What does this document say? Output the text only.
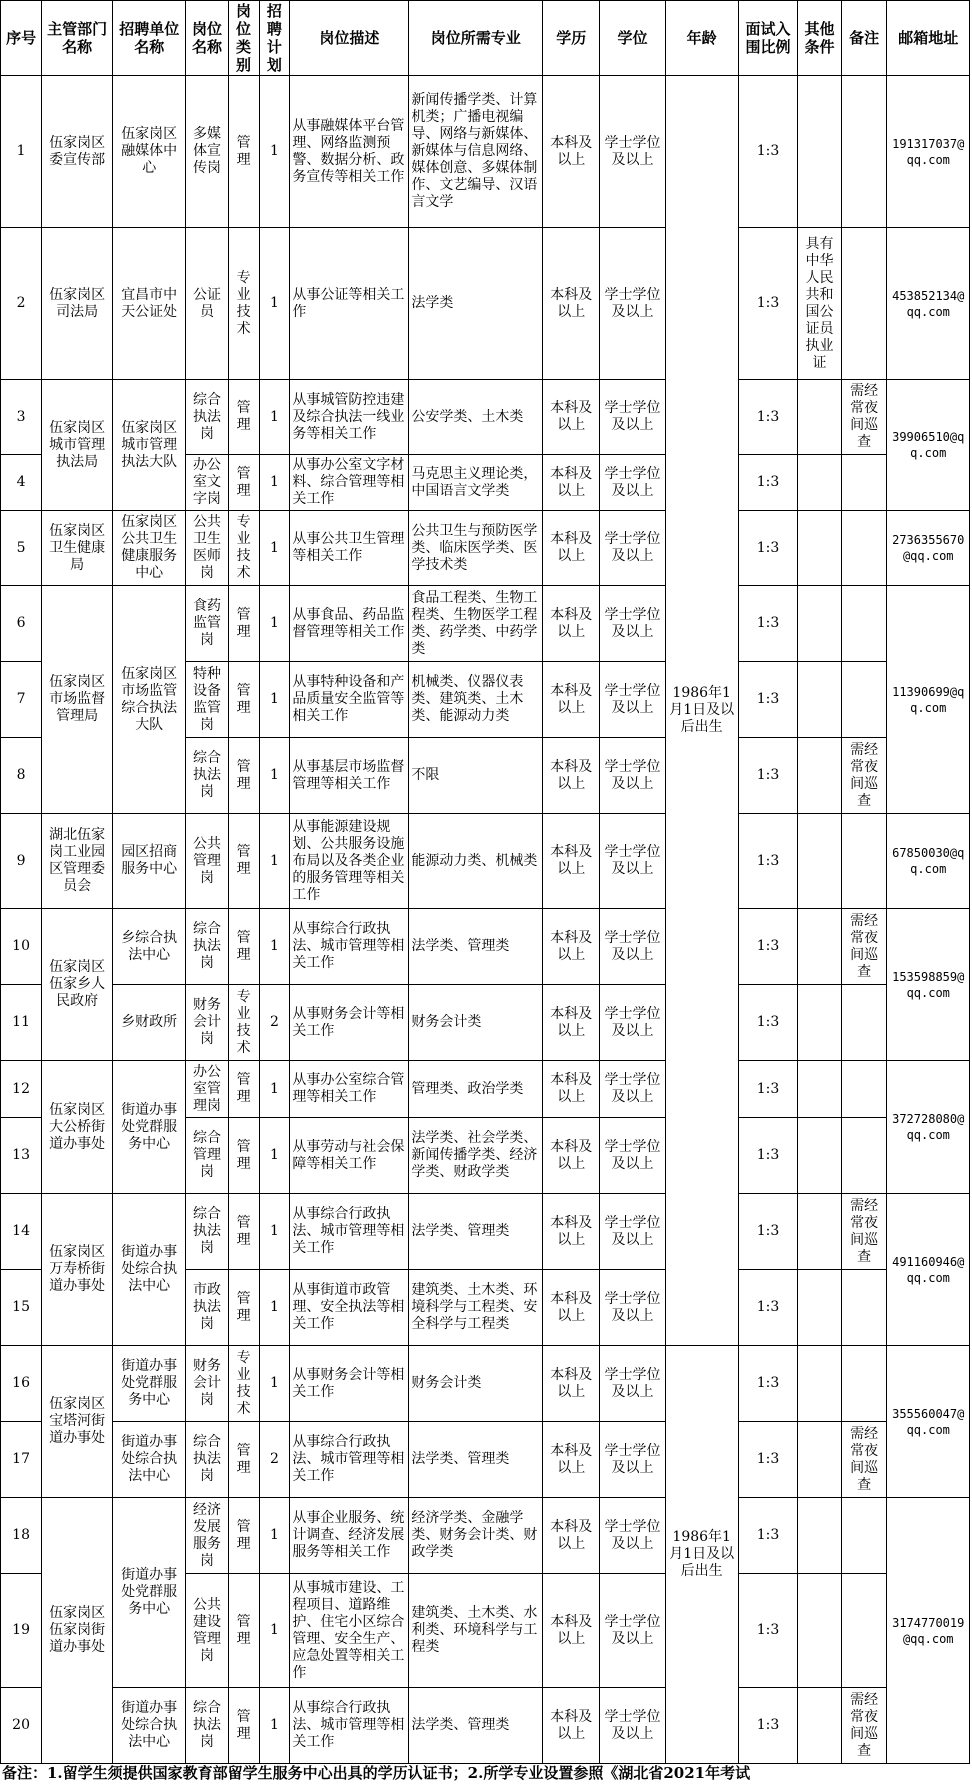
序号	主管部门名称	招聘单位名称	岗位名称	岗位类别	招聘计划	岗位描述	岗位所需专业	学历	学位	年龄	面试入围比例	其他条件	备注	邮箱地址
1	伍家岗区委宣传部	伍家岗区融媒体中心	多媒体宣传岗	管理	1	从事融媒体平台管理、网络监测预警、数据分析、政务宣传等相关工作	新闻传播学类、计算机类；广播电视编导、网络与新媒体、新媒体与信息网络、媒体创意、多媒体制作、文艺编导、汉语言文学	本科及以上	学士学位及以上	1986年1月1日及以后出生	1:3			191317037@qq.com
2	伍家岗区司法局	宜昌市中天公证处	公证员	专业技术	1	从事公证等相关工作	法学类	本科及以上	学士学位及以上		1:3	具有中华人民共和国公证员执业证		453852134@qq.com
3	伍家岗区城市管理执法局	伍家岗区城市管理执法大队	综合执法岗	管理	1	从事城管防控违建及综合执法一线业务等相关工作	公安学类、土木类	本科及以上	学士学位及以上		1:3		需经常夜间巡查	39906510@qq.com
4			办公室文字岗	管理	1	从事办公室文字材料、综合管理等相关工作	马克思主义理论类，中国语言文学类	本科及以上	学士学位及以上		1:3			
5	伍家岗区卫生健康局	伍家岗区公共卫生健康服务中心	公共卫生医师岗	专业技术	1	从事公共卫生管理等相关工作	公共卫生与预防医学类、临床医学类、医学技术类	本科及以上	学士学位及以上		1:3			2736355670@qq.com
6	伍家岗区市场监督管理局	伍家岗区市场监管综合执法大队	食药监管岗	管理	1	从事食品、药品监督管理等相关工作	食品工程类、生物工程类、生物医学工程类、药学类、中药学类	本科及以上	学士学位及以上		1:3			11390699@qq.com
7			特种设备监管岗	管理	1	从事特种设备和产品质量安全监管等相关工作	机械类、仪器仪表类、建筑类、土木类、能源动力类	本科及以上	学士学位及以上		1:3			
8			综合执法岗	管理	1	从事基层市场监督管理等相关工作	不限	本科及以上	学士学位及以上		1:3		需经常夜间巡查	
9	湖北伍家岗工业园区管理委员会	园区招商服务中心	公共管理岗	管理	1	从事能源建设规划、公共服务设施布局以及各类企业的服务管理等相关工作	能源动力类、机械类	本科及以上	学士学位及以上		1:3			67850030@qq.com
10	伍家岗区伍家乡人民政府	乡综合执法中心	综合执法岗	管理	1	从事综合行政执法、城市管理等相关工作	法学类、管理类	本科及以上	学士学位及以上		1:3		需经常夜间巡查	153598859@qq.com
11		乡财政所	财务会计岗	专业技术	2	从事财务会计等相关工作	财务会计类	本科及以上	学士学位及以上		1:3			
12	伍家岗区大公桥街道办事处	街道办事处党群服务中心	办公室管理岗	管理	1	从事办公室综合管理等相关工作	管理类、政治学类	本科及以上	学士学位及以上		1:3			372728080@qq.com
13			综合管理岗	管理	1	从事劳动与社会保障等相关工作	法学类、社会学类、新闻传播学类、经济学类、财政学类	本科及以上	学士学位及以上		1:3			
14	伍家岗区万寿桥街道办事处	街道办事处综合执法中心	综合执法岗	管理	1	从事综合行政执法、城市管理等相关工作	法学类、管理类	本科及以上	学士学位及以上		1:3		需经常夜间巡查	491160946@qq.com
15			市政执法岗	管理	1	从事街道市政管理、安全执法等相关工作	建筑类、土木类、环境科学与工程类、安全科学与工程类	本科及以上	学士学位及以上		1:3			
16	伍家岗区宝塔河街道办事处	街道办事处党群服务中心	财务会计岗	专业技术	1	从事财务会计等相关工作	财务会计类	本科及以上	学士学位及以上	1986年1月1日及以后出生	1:3			355560047@qq.com
17		街道办事处综合执法中心	综合执法岗	管理	2	从事综合行政执法、城市管理等相关工作	法学类、管理类	本科及以上	学士学位及以上		1:3		需经常夜间巡查	
18	伍家岗区伍家岗街道办事处	街道办事处党群服务中心	经济发展服务岗	管理	1	从事企业服务、统计调查、经济发展服务等相关工作	经济学类、金融学类、财务会计类、财政学类	本科及以上	学士学位及以上		1:3			3174770019@qq.com
19			公共建设管理岗	管理	1	从事城市建设、工程项目、道路维护、住宅小区综合管理、安全生产、应急处置等相关工作	建筑类、土木类、水利类、环境科学与工程类	本科及以上	学士学位及以上		1:3			
20		街道办事处综合执法中心	综合执法岗	管理	1	从事综合行政执法、城市管理等相关工作	法学类、管理类	本科及以上	学士学位及以上		1:3		需经常夜间巡查	
备注：1.留学生须提供国家教育部留学生服务中心出具的学历认证书；2.所学专业设置参照《湖北省2021年考试
